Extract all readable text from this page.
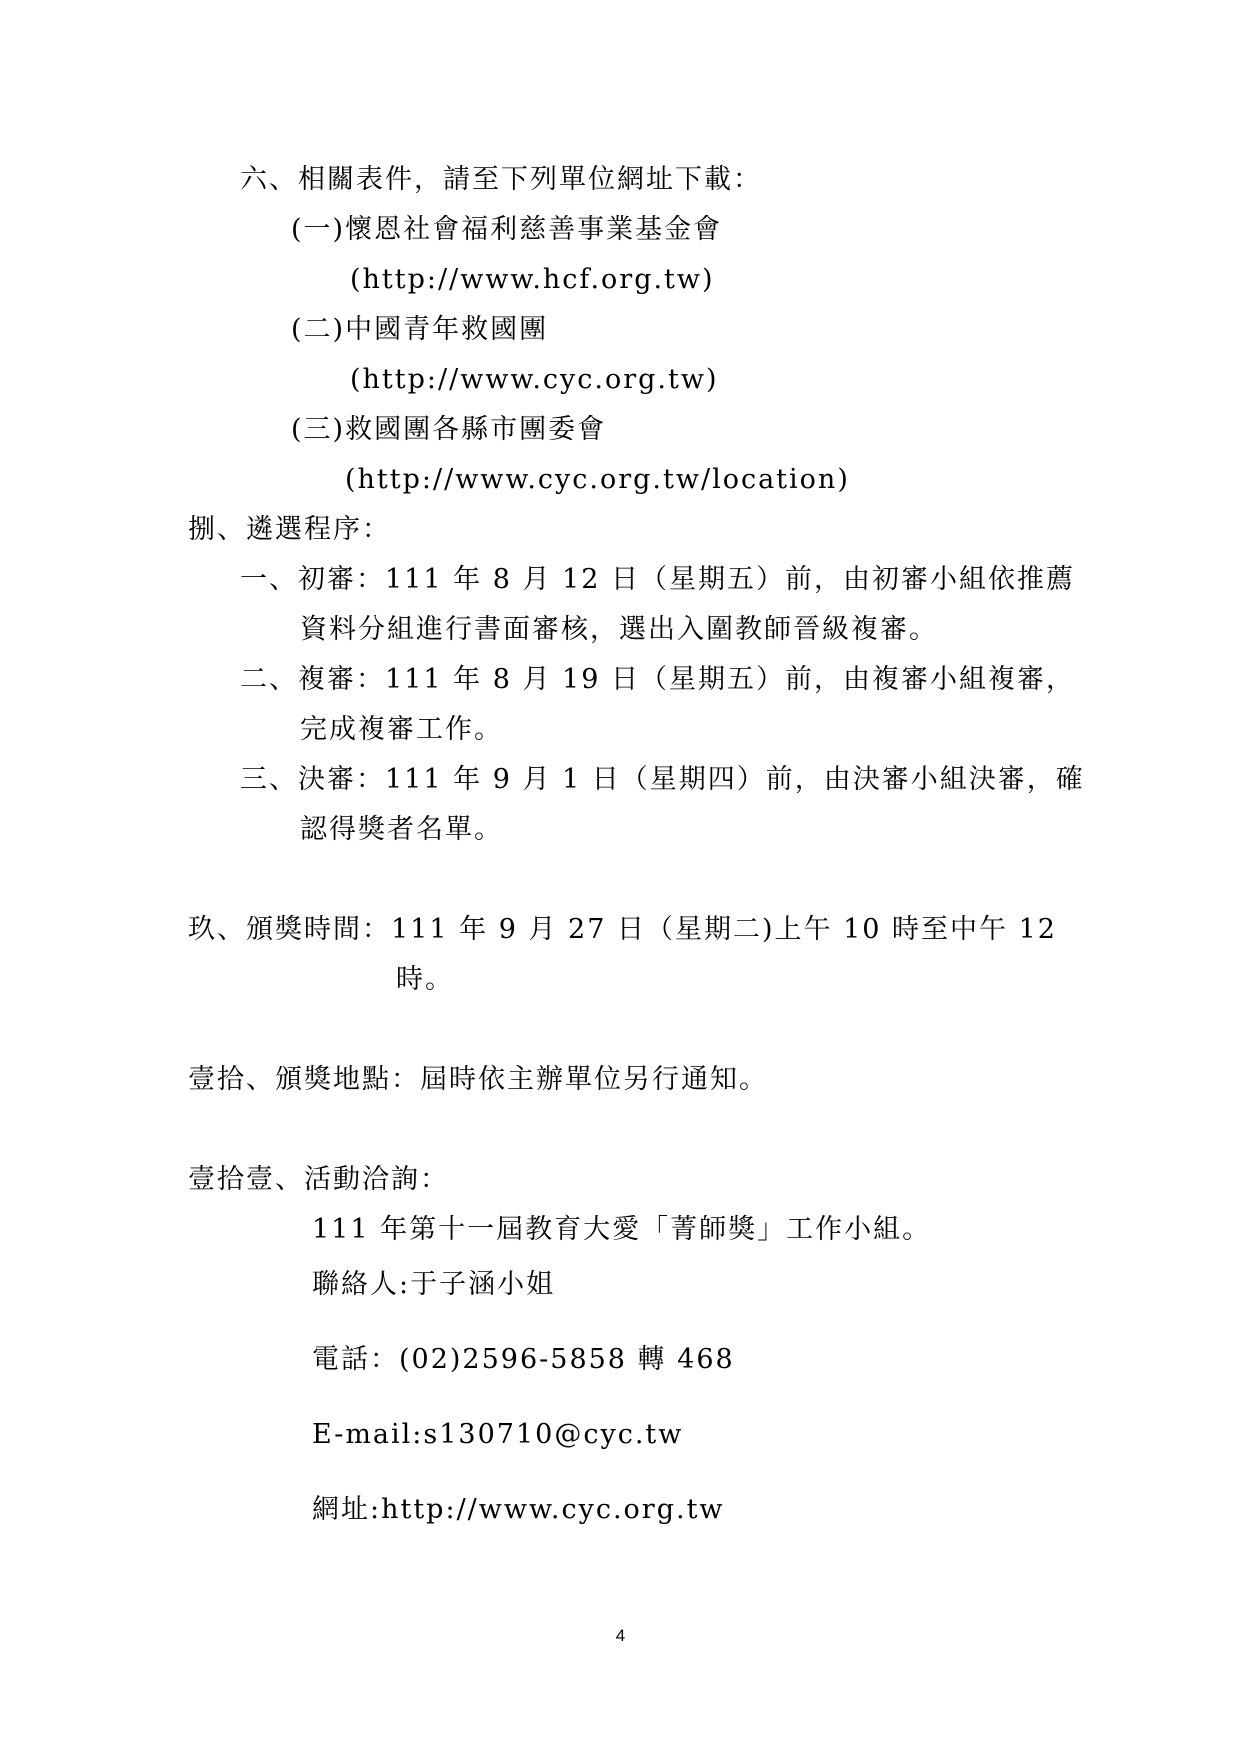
六、相關表件，請至下列單位網址下載：
(一)懷恩社會福利慈善事業基金會
(http://www.hcf.org.tw)
(二)中國青年救國團
(http://www.cyc.org.tw)
(三)救國團各縣市團委會
(http://www.cyc.org.tw/location)
捌、遴選程序：
一、初審：111 年 8 月 12 日（星期五）前，由初審小組依推薦
資料分組進行書面審核，選出入圍教師晉級複審。
二、複審：111 年 8 月 19 日（星期五）前，由複審小組複審，
完成複審工作。
三、決審：111 年 9 月 1 日（星期四）前，由決審小組決審，確
認得獎者名單。
玖、頒獎時間：111 年 9 月 27 日（星期二)上午 10 時至中午 12
時。
壹拾、頒獎地點：屆時依主辦單位另行通知。
壹拾壹、活動洽詢：
111 年第十一屆教育大愛「菁師獎」工作小組。
聯絡人:于子涵小姐
電話：(02)2596-5858 轉 468
E-mail:s130710@cyc.tw
網址:http://www.cyc.org.tw
4
